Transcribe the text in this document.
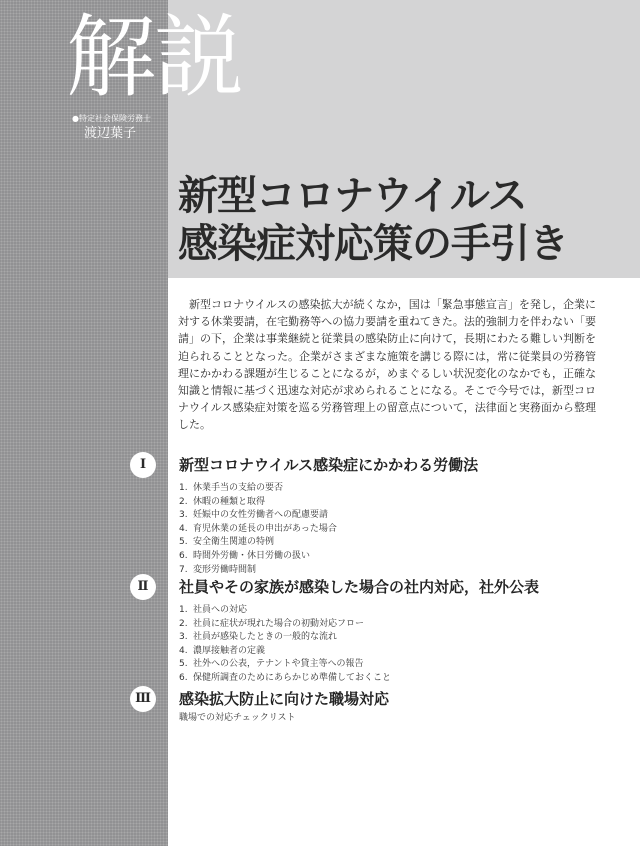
解説
●特定社会保険労務士
渡辺葉子
新型コロナウイルス
感染症対応策の手引き

新型コロナウイルスの感染拡大が続くなか，国は「緊急事態宣言」を発し，企業に対する休業要請，在宅勤務等への協力要請を重ねてきた。法的強制力を伴わない「要請」の下，企業は事業継続と従業員の感染防止に向けて，長期にわたる難しい判断を迫られることとなった。企業がさまざまな施策を講じる際には，常に従業員の労務管理にかかわる課題が生じることになるが，めまぐるしい状況変化のなかでも，正確な知識と情報に基づく迅速な対応が求められることになる。そこで今号では，新型コロナウイルス感染症対策を巡る労務管理上の留意点について，法律面と実務面から整理した。

Ⅰ	新型コロナウイルス感染症にかかわる労働法
1. 休業手当の支給の要否
2. 休暇の種類と取得
3. 妊娠中の女性労働者への配慮要請
4. 育児休業の延長の申出があった場合
5. 安全衛生関連の特例
6. 時間外労働・休日労働の扱い
7. 変形労働時間制
Ⅱ	社員やその家族が感染した場合の社内対応，社外公表
1. 社員への対応
2. 社員に症状が現れた場合の初動対応フロー
3. 社員が感染したときの一般的な流れ
4. 濃厚接触者の定義
5. 社外への公表，テナントや貸主等への報告
6. 保健所調査のためにあらかじめ準備しておくこと
Ⅲ	感染拡大防止に向けた職場対応
職場での対応チェックリスト
